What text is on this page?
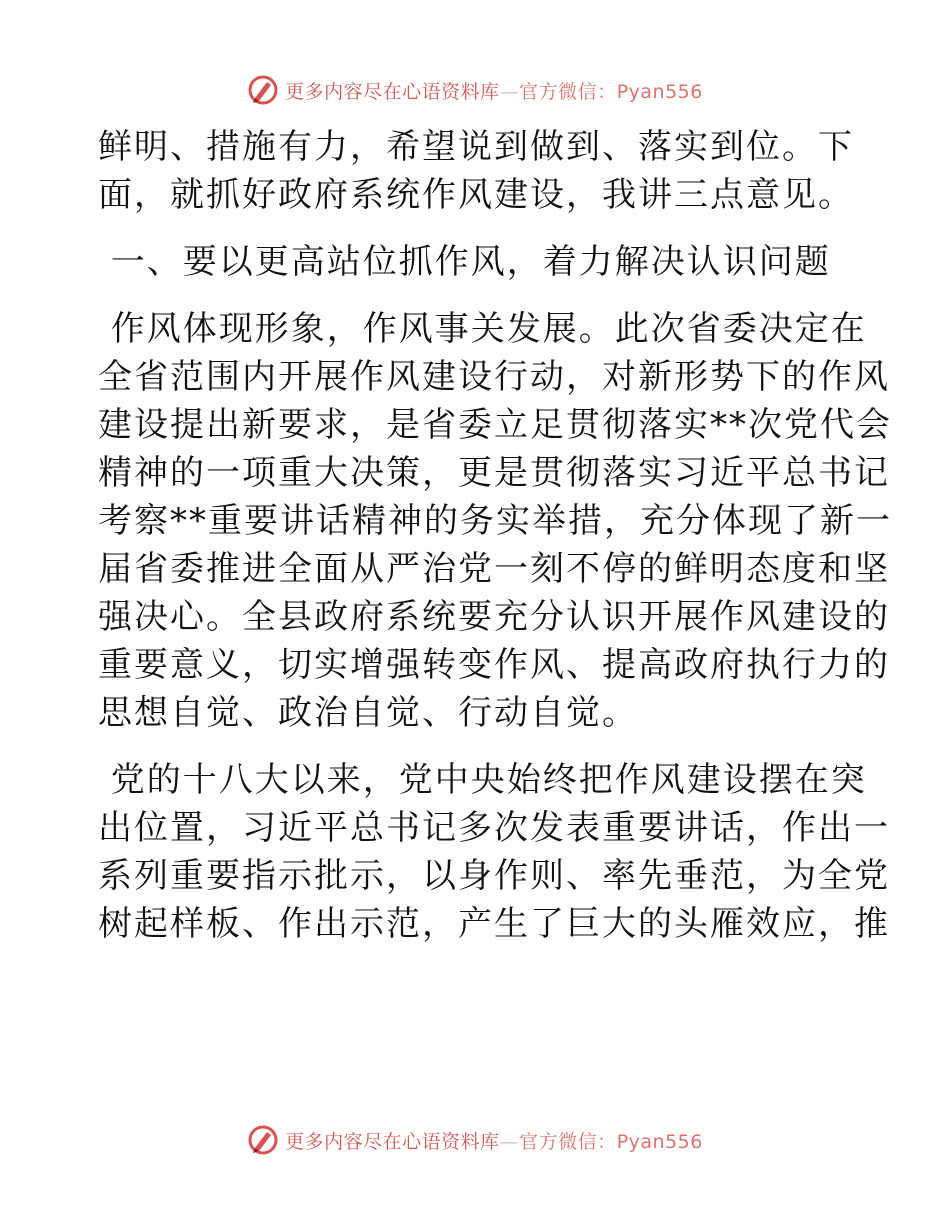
更多内容尽在心语资料库—官方微信：Pyan556
鲜明、措施有力，希望说到做到、落实到位。下
面，就抓好政府系统作风建设，我讲三点意见。
一、要以更高站位抓作风，着力解决认识问题
作风体现形象，作风事关发展。此次省委决定在
全省范围内开展作风建设行动，对新形势下的作风
建设提出新要求，是省委立足贯彻落实**次党代会
精神的一项重大决策，更是贯彻落实习近平总书记
考察**重要讲话精神的务实举措，充分体现了新一
届省委推进全面从严治党一刻不停的鲜明态度和坚
强决心。全县政府系统要充分认识开展作风建设的
重要意义，切实增强转变作风、提高政府执行力的
思想自觉、政治自觉、行动自觉。
党的十八大以来，党中央始终把作风建设摆在突
出位置，习近平总书记多次发表重要讲话，作出一
系列重要指示批示，以身作则、率先垂范，为全党
树起样板、作出示范，产生了巨大的头雁效应，推
更多内容尽在心语资料库—官方微信：Pyan556
